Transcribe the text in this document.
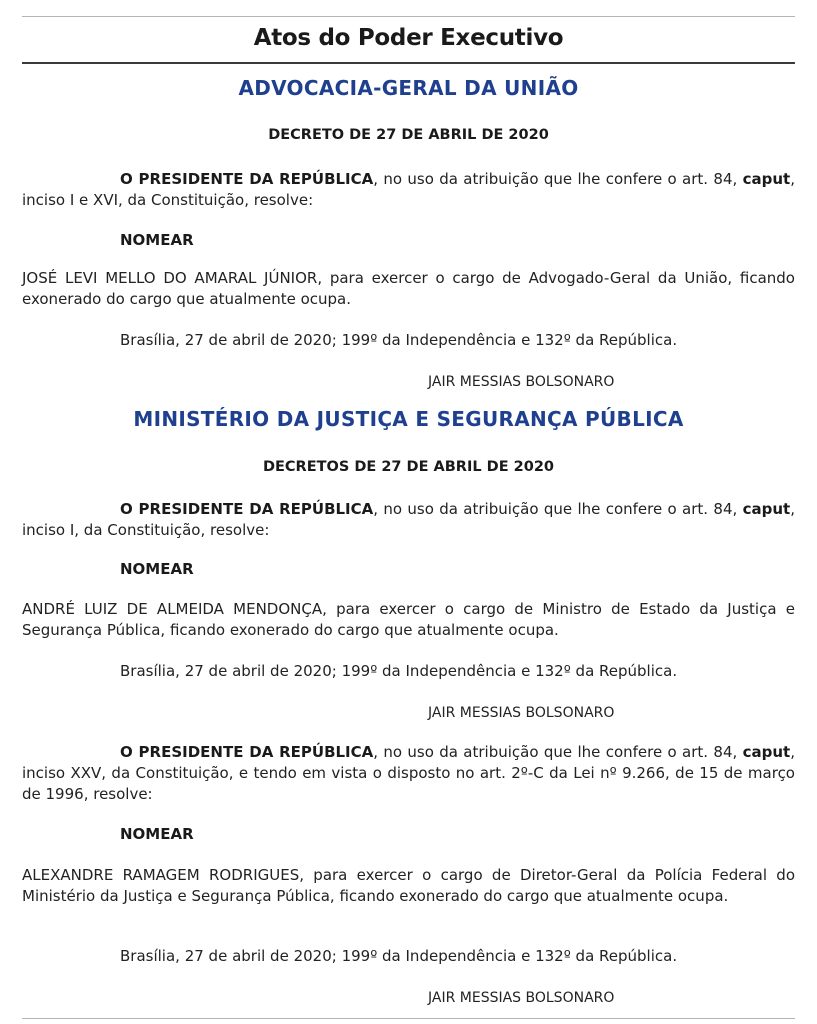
Atos do Poder Executivo
ADVOCACIA-GERAL DA UNIÃO
DECRETO DE 27 DE ABRIL DE 2020

O PRESIDENTE DA REPÚBLICA, no uso da atribuição que lhe confere o art. 84, caput, inciso I e XVI, da Constituição, resolve:

NOMEAR

JOSÉ LEVI MELLO DO AMARAL JÚNIOR, para exercer o cargo de Advogado-Geral da União, ficando exonerado do cargo que atualmente ocupa.

Brasília, 27 de abril de 2020; 199º da Independência e 132º da República.
JAIR MESSIAS BOLSONARO
MINISTÉRIO DA JUSTIÇA E SEGURANÇA PÚBLICA
DECRETOS DE 27 DE ABRIL DE 2020

O PRESIDENTE DA REPÚBLICA, no uso da atribuição que lhe confere o art. 84, caput, inciso I, da Constituição, resolve:

NOMEAR

ANDRÉ LUIZ DE ALMEIDA MENDONÇA, para exercer o cargo de Ministro de Estado da Justiça e Segurança Pública, ficando exonerado do cargo que atualmente ocupa.

Brasília, 27 de abril de 2020; 199º da Independência e 132º da República.
JAIR MESSIAS BOLSONARO

O PRESIDENTE DA REPÚBLICA, no uso da atribuição que lhe confere o art. 84, caput, inciso XXV, da Constituição, e tendo em vista o disposto no art. 2º-C da Lei nº 9.266, de 15 de março de 1996, resolve:

NOMEAR

ALEXANDRE RAMAGEM RODRIGUES, para exercer o cargo de Diretor-Geral da Polícia Federal do Ministério da Justiça e Segurança Pública, ficando exonerado do cargo que atualmente ocupa.

Brasília, 27 de abril de 2020; 199º da Independência e 132º da República.
JAIR MESSIAS BOLSONARO
